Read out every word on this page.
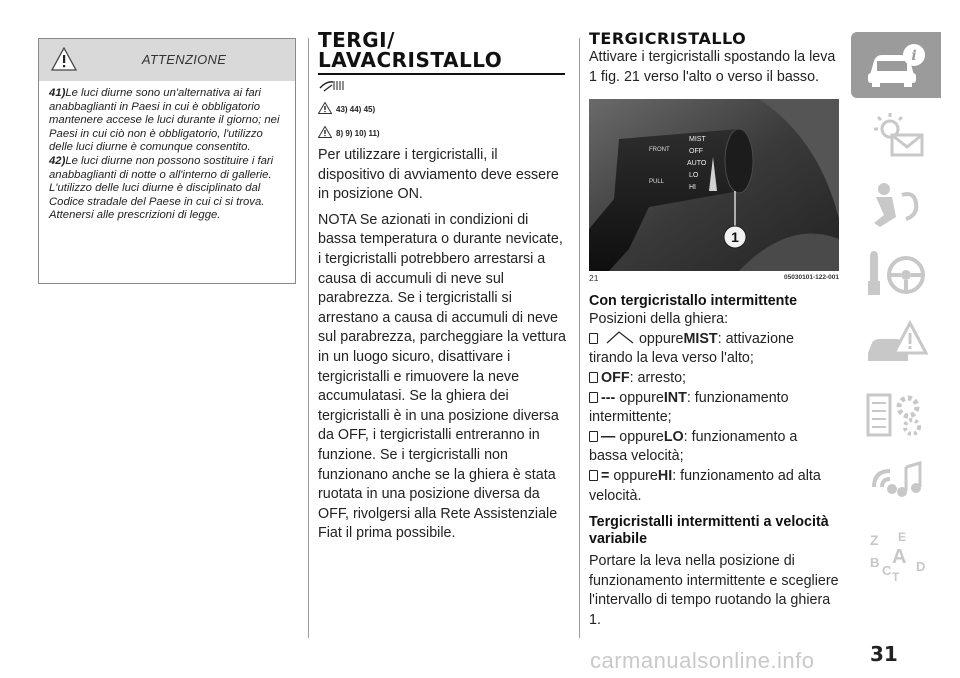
ATTENZIONE

41)Le luci diurne sono un'alternativa ai fari anabbaglianti in Paesi in cui è obbligatorio mantenere accese le luci durante il giorno; nei Paesi in cui ciò non è obbligatorio, l'utilizzo delle luci diurne è comunque consentito.

42)Le luci diurne non possono sostituire i fari anabbaglianti di notte o all'interno di gallerie. L'utilizzo delle luci diurne è disciplinato dal Codice stradale del Paese in cui ci si trova. Attenersi alle prescrizioni di legge.

TERGI/
LAVACRISTALLO
43) 44) 45)
8) 9) 10) 11)

Per utilizzare i tergicristalli, il dispositivo di avviamento deve essere in posizione ON.

NOTA Se azionati in condizioni di bassa temperatura o durante nevicate, i tergicristalli potrebbero arrestarsi a causa di accumuli di neve sul parabrezza. Se i tergicristalli si arrestano a causa di accumuli di neve sul parabrezza, parcheggiare la vettura in un luogo sicuro, disattivare i tergicristalli e rimuovere la neve accumulatasi. Se la ghiera dei tergicristalli è in una posizione diversa da OFF, i tergicristalli entreranno in funzione. Se i tergicristalli non funzionano anche se la ghiera è stata ruotata in una posizione diversa da OFF, rivolgersi alla Rete Assistenziale Fiat il prima possibile.

TERGICRISTALLO
Attivare i tergicristalli spostando la leva 1 fig. 21 verso l'alto o verso il basso.
FRONT
PULL
MIST
OFF
AUTO
LO
HI
1
21	05030101-122-001
Con tergicristallo intermittente
Posizioni della ghiera:
oppureMIST: attivazione tirando la leva verso l'alto;
OFF: arresto;
--- oppureINT: funzionamento intermittente;
— oppureLO: funzionamento a bassa velocità;
= oppureHI: funzionamento ad alta velocità.
Tergicristalli intermittenti a velocità variabile
Portare la leva nella posizione di funzionamento intermittente e scegliere l'intervallo di tempo ruotando la ghiera 1.
i
Z E
B A
C T
D
carmanualsonline.info	31
